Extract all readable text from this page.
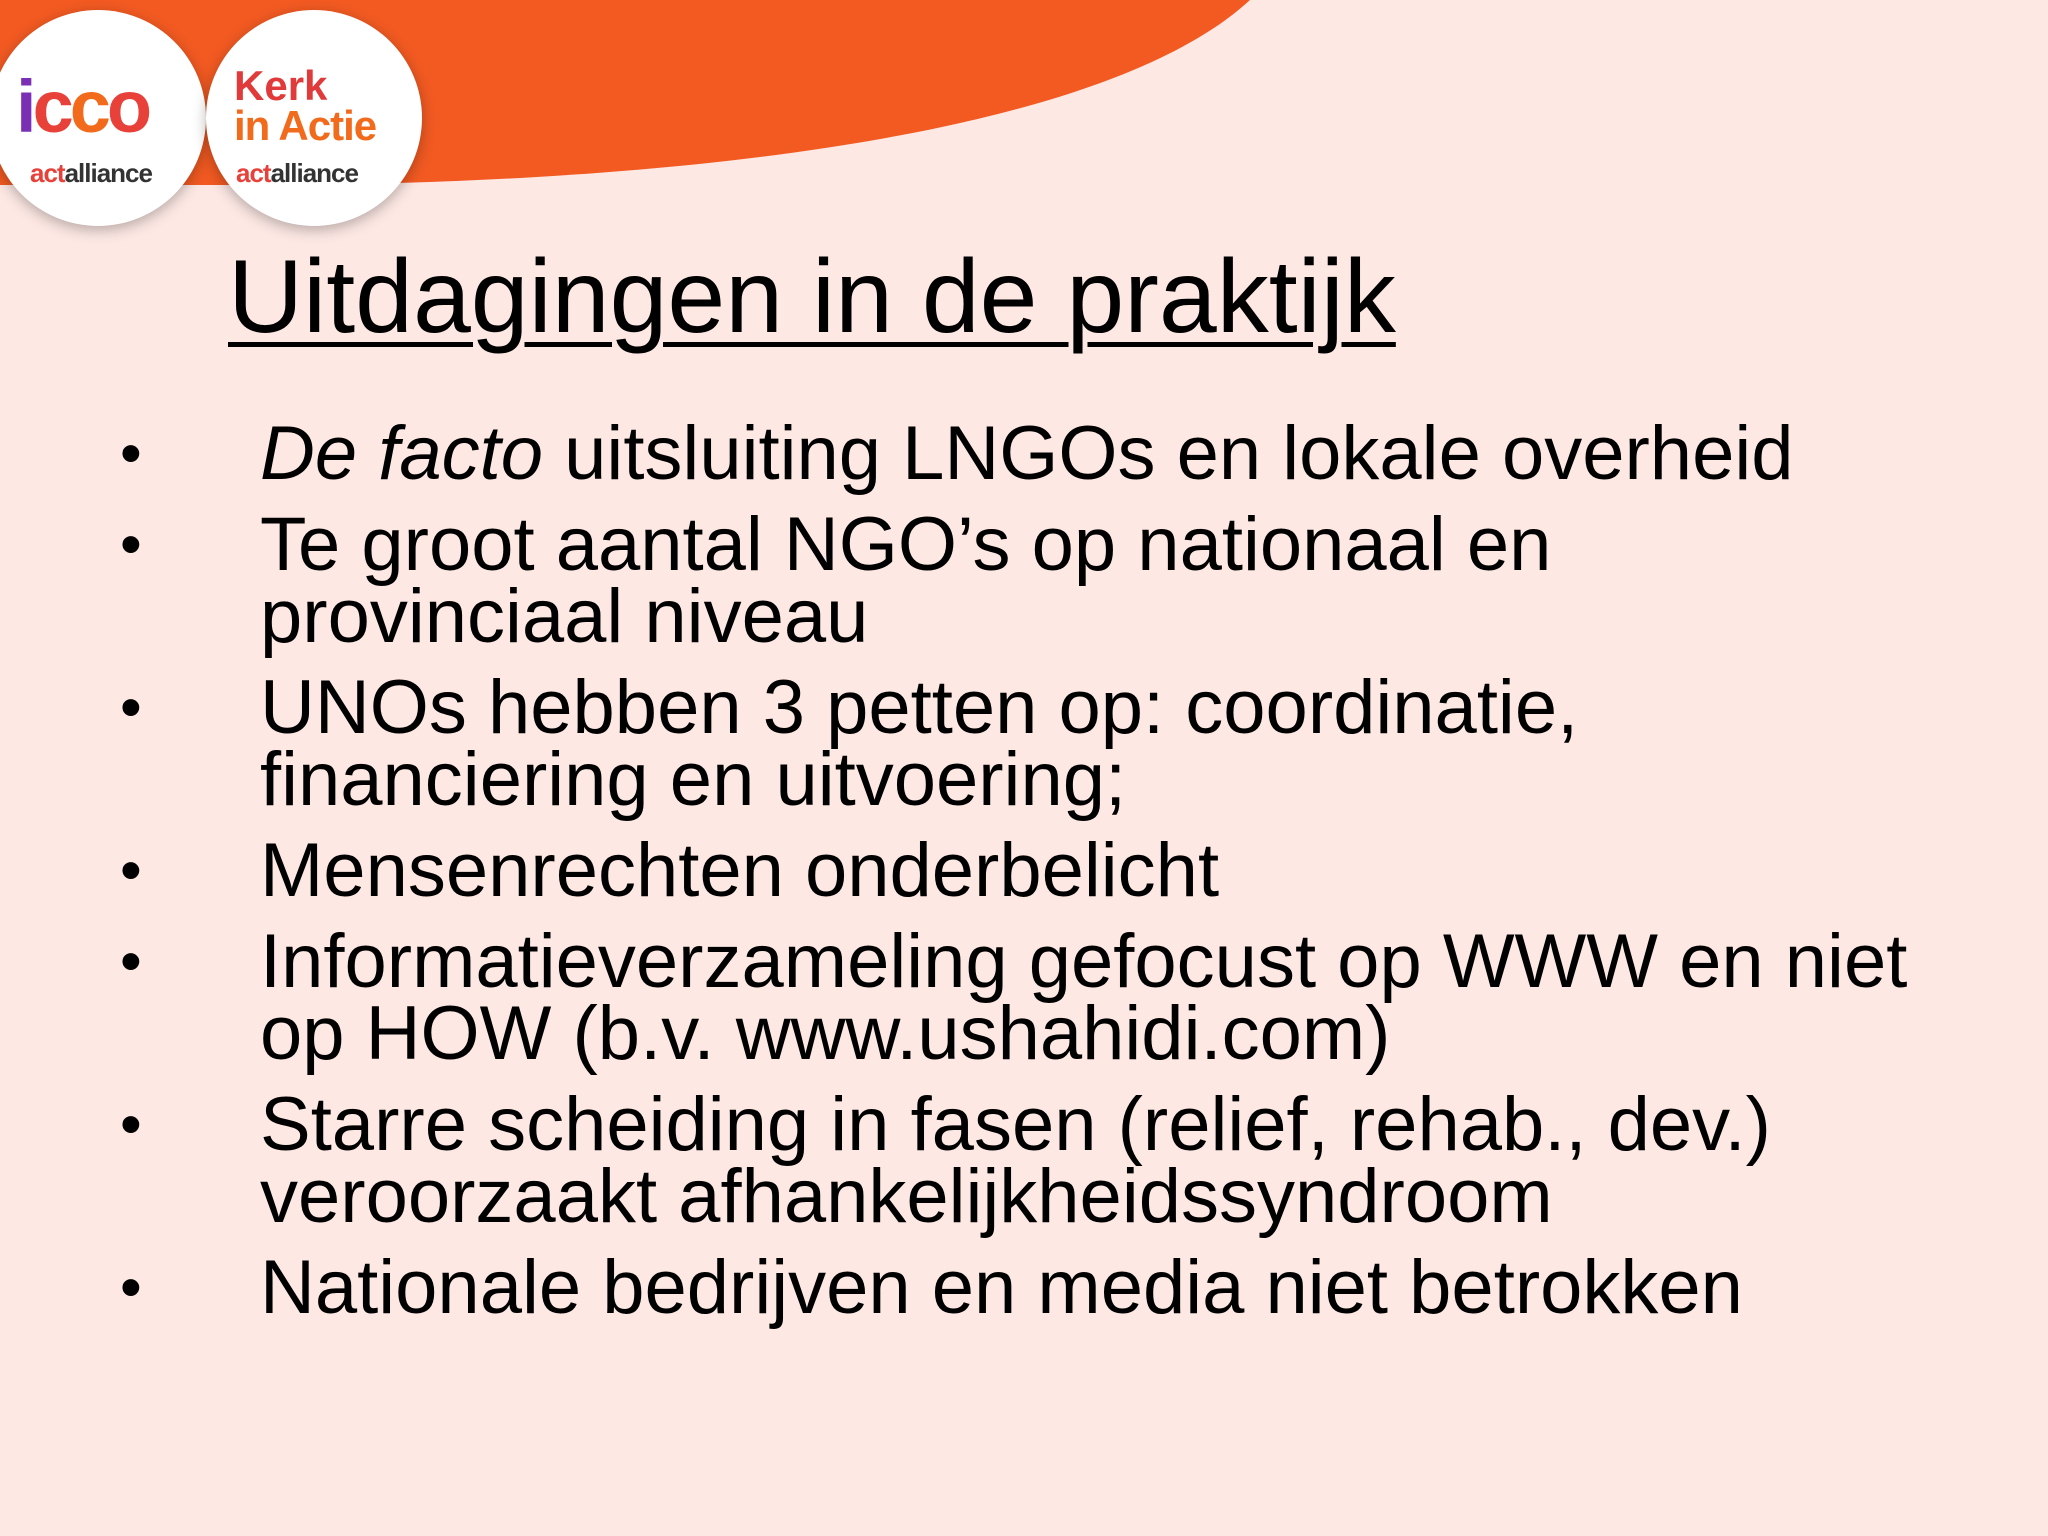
icco
actalliance
Kerk
in Actie
actalliance
Uitdagingen in de praktijk
• De facto uitsluiting LNGOs en lokale overheid
• Te groot aantal NGO’s op nationaal en
provinciaal niveau
• UNOs hebben 3 petten op: coordinatie,
financiering en uitvoering;
• Mensenrechten onderbelicht
• Informatieverzameling gefocust op WWW en niet
op HOW (b.v. www.ushahidi.com)
• Starre scheiding in fasen (relief, rehab., dev.)
veroorzaakt afhankelijkheidssyndroom
• Nationale bedrijven en media niet betrokken
